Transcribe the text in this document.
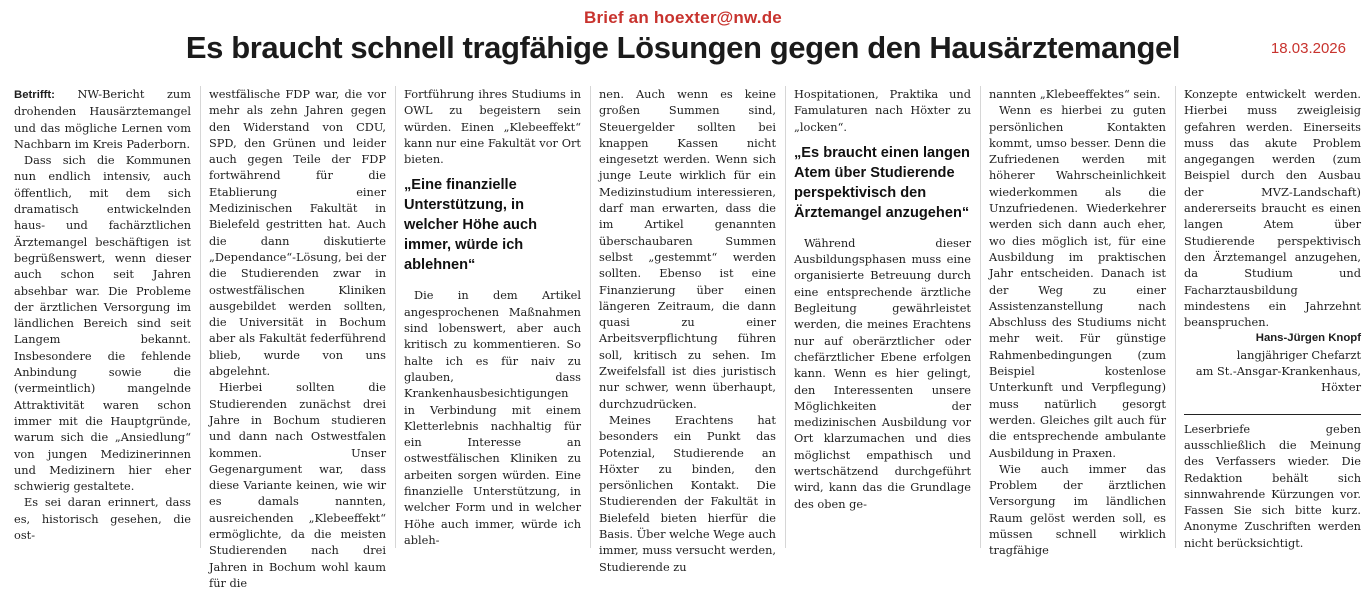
Brief an hoexter@nw.de
Es braucht schnell tragfähige Lösungen gegen den Hausärztemangel	18.03.2026

Betrifft: NW-Bericht zum drohenden Hausärztemangel und das mögliche Lernen vom Nachbarn im Kreis Paderborn.

Dass sich die Kommunen nun endlich intensiv, auch öffentlich, mit dem sich dramatisch entwickelnden haus- und fachärztlichen Ärztemangel beschäftigen ist begrüßenswert, wenn dieser auch schon seit Jahren absehbar war. Die Probleme der ärztlichen Versorgung im ländlichen Bereich sind seit Langem bekannt. Insbesondere die fehlende Anbindung sowie die (vermeintlich) mangelnde Attraktivität waren schon immer mit die Hauptgründe, warum sich die „Ansiedlung“ von jungen Medizinerinnen und Medizinern hier eher schwierig gestaltete.

Es sei daran erinnert, dass es, historisch gesehen, die ost-

westfälische FDP war, die vor mehr als zehn Jahren gegen den Widerstand von CDU, SPD, den Grünen und leider auch gegen Teile der FDP fortwährend für die Etablierung einer Medizinischen Fakultät in Bielefeld gestritten hat. Auch die dann diskutierte „Dependance“-Lösung, bei der die Studierenden zwar in ostwestfälischen Kliniken ausgebildet werden sollten, die Universität in Bochum aber als Fakultät federführend blieb, wurde von uns abgelehnt.

Hierbei sollten die Studierenden zunächst drei Jahre in Bochum studieren und dann nach Ostwestfalen kommen. Unser Gegenargument war, dass diese Variante keinen, wie wir es damals nannten, ausreichenden „Klebeeffekt“ ermöglichte, da die meisten Studierenden nach drei Jahren in Bochum wohl kaum für die

Fortführung ihres Studiums in OWL zu begeistern sein würden. Einen „Klebeeffekt“ kann nur eine Fakultät vor Ort bieten.

„Eine finanzielle Unterstützung, in welcher Höhe auch immer, würde ich ablehnen“

Die in dem Artikel angesprochenen Maßnahmen sind lobenswert, aber auch kritisch zu kommentieren. So halte ich es für naiv zu glauben, dass Krankenhausbesichtigungen in Verbindung mit einem Kletterlebnis nachhaltig für ein Interesse an ostwestfälischen Kliniken zu arbeiten sorgen würden. Eine finanzielle Unterstützung, in welcher Form und in welcher Höhe auch immer, würde ich ableh-

nen. Auch wenn es keine großen Summen sind, Steuergelder sollten bei knappen Kassen nicht eingesetzt werden. Wenn sich junge Leute wirklich für ein Medizinstudium interessieren, darf man erwarten, dass die im Artikel genannten überschaubaren Summen selbst „gestemmt“ werden sollten. Ebenso ist eine Finanzierung über einen längeren Zeitraum, die dann quasi zu einer Arbeitsverpflichtung führen soll, kritisch zu sehen. Im Zweifelsfall ist dies juristisch nur schwer, wenn überhaupt, durchzudrücken.

Meines Erachtens hat besonders ein Punkt das Potenzial, Studierende an Höxter zu binden, den persönlichen Kontakt. Die Studierenden der Fakultät in Bielefeld bieten hierfür die Basis. Über welche Wege auch immer, muss versucht werden, Studierende zu

Hospitationen, Praktika und Famulaturen nach Höxter zu „locken“.

„Es braucht einen langen Atem über Studierende perspektivisch den Ärztemangel anzugehen“

Während dieser Ausbildungsphasen muss eine organisierte Betreuung durch eine entsprechende ärztliche Begleitung gewährleistet werden, die meines Erachtens nur auf oberärztlicher oder chefärztlicher Ebene erfolgen kann. Wenn es hier gelingt, den Interessenten unsere Möglichkeiten der medizinischen Ausbildung vor Ort klarzumachen und dies möglichst empathisch und wertschätzend durchgeführt wird, kann das die Grundlage des oben ge-

nannten „Klebeeffektes“ sein.

Wenn es hierbei zu guten persönlichen Kontakten kommt, umso besser. Denn die Zufriedenen werden mit höherer Wahrscheinlichkeit wiederkommen als die Unzufriedenen. Wiederkehrer werden sich dann auch eher, wo dies möglich ist, für eine Ausbildung im praktischen Jahr entscheiden. Danach ist der Weg zu einer Assistenzanstellung nach Abschluss des Studiums nicht mehr weit. Für günstige Rahmenbedingungen (zum Beispiel kostenlose Unterkunft und Verpflegung) muss natürlich gesorgt werden. Gleiches gilt auch für die entsprechende ambulante Ausbildung in Praxen.

Wie auch immer das Problem der ärztlichen Versorgung im ländlichen Raum gelöst werden soll, es müssen schnell wirklich tragfähige

Konzepte entwickelt werden. Hierbei muss zweigleisig gefahren werden. Einerseits muss das akute Problem angegangen werden (zum Beispiel durch den Ausbau der MVZ-Landschaft) andererseits braucht es einen langen Atem über Studierende perspektivisch den Ärztemangel anzugehen, da Studium und Facharztausbildung mindestens ein Jahrzehnt beanspruchen.

Hans-Jürgen Knopf

langjähriger Chefarzt

am St.-Ansgar-Krankenhaus, Höxter

Leserbriefe geben ausschließlich die Meinung des Verfassers wieder. Die Redaktion behält sich sinnwahrende Kürzungen vor. Fassen Sie sich bitte kurz. Anonyme Zuschriften werden nicht berücksichtigt.
